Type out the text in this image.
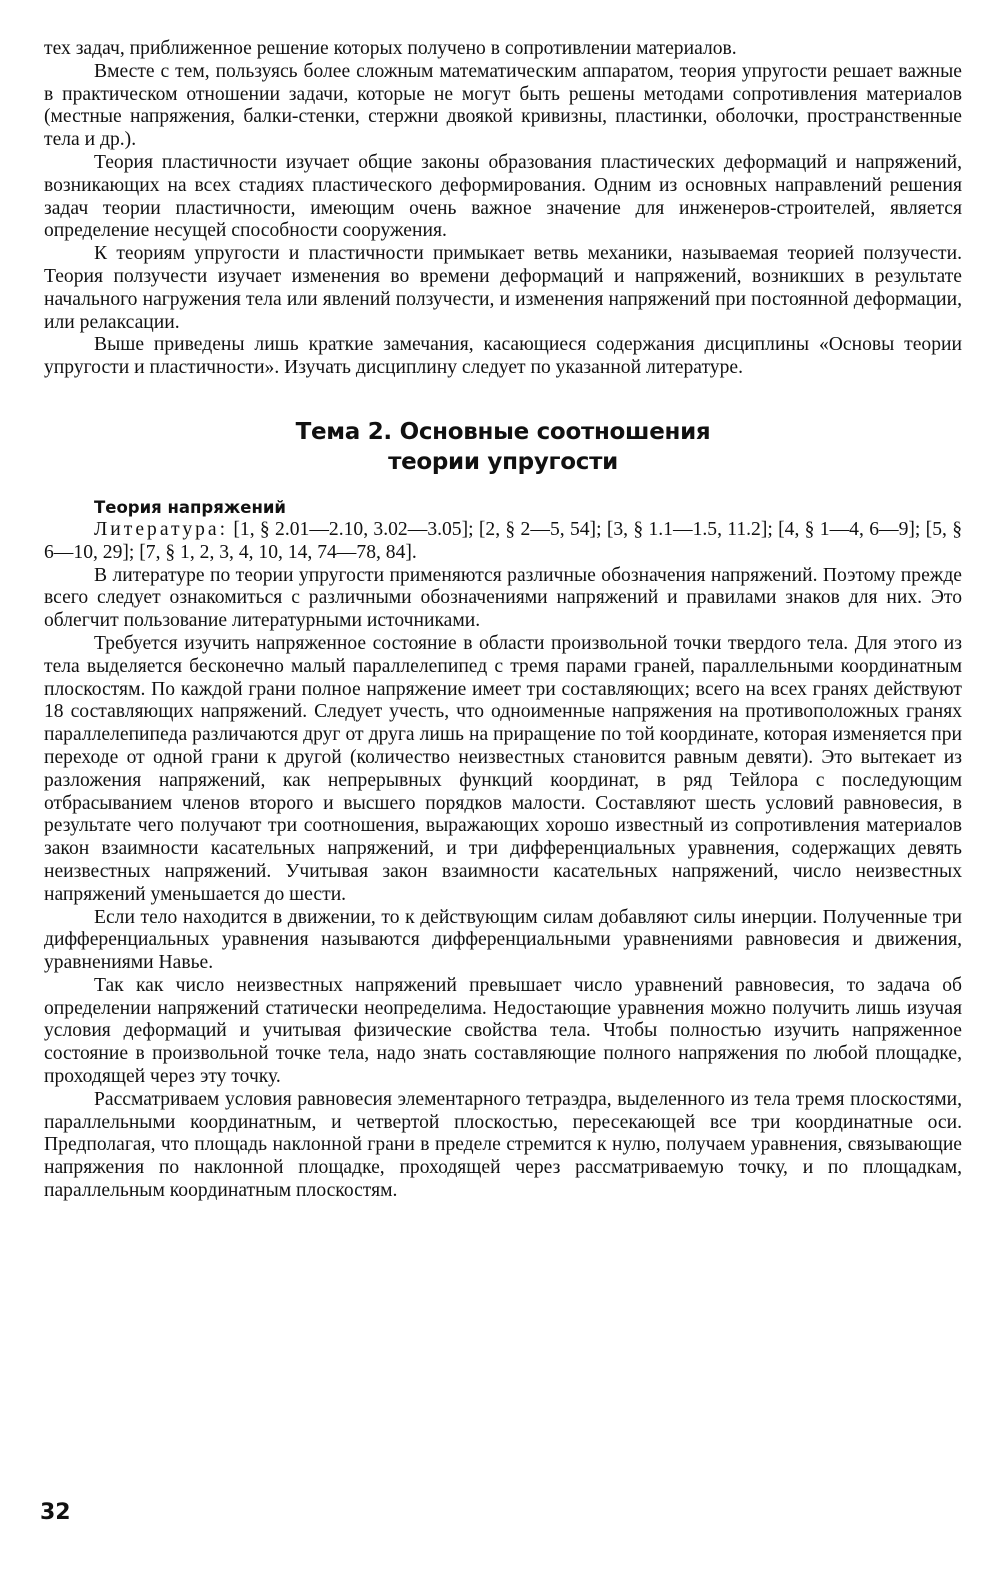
тех задач, приближенное решение которых получено в сопротивлении материалов.

Вместе с тем, пользуясь более сложным математическим аппаратом, теория упругости решает важные в практическом отношении задачи, которые не могут быть решены методами сопротивления материалов (местные напряжения, балки-стенки, стержни двоякой кривизны, пластинки, оболочки, пространственные тела и др.).

Теория пластичности изучает общие законы образования пластических деформаций и напряжений, возникающих на всех стадиях пластического деформирования. Одним из основных направлений решения задач теории пластичности, имеющим очень важное значение для инженеров-строителей, является определение несущей способности сооружения.

К теориям упругости и пластичности примыкает ветвь механики, называемая теорией ползучести. Теория ползучести изучает изменения во времени деформаций и напряжений, возникших в результате начального нагружения тела или явлений ползучести, и изменения напряжений при постоянной деформации, или релаксации.

Выше приведены лишь краткие замечания, касающиеся содержания дисциплины «Основы теории упругости и пластичности». Изучать дисциплину следует по указанной литературе.

Тема 2. Основные соотношения
теории упругости
Теория напряжений

Литература: [1, § 2.01—2.10, 3.02—3.05]; [2, § 2—5, 54]; [3, § 1.1—1.5, 11.2]; [4, § 1—4, 6—9]; [5, § 6—10, 29]; [7, § 1, 2, 3, 4, 10, 14, 74—78, 84].

В литературе по теории упругости применяются различные обозначения напряжений. Поэтому прежде всего следует ознакомиться с различными обозначениями напряжений и правилами знаков для них. Это облегчит пользование литературными источниками.

Требуется изучить напряженное состояние в области произвольной точки твердого тела. Для этого из тела выделяется бесконечно малый параллелепипед с тремя парами граней, параллельными координатным плоскостям. По каждой грани полное напряжение имеет три составляющих; всего на всех гранях действуют 18 составляющих напряжений. Следует учесть, что одноименные напряжения на противоположных гранях параллелепипеда различаются друг от друга лишь на приращение по той координате, которая изменяется при переходе от одной грани к другой (количество неизвестных становится равным девяти). Это вытекает из разложения напряжений, как непрерывных функций координат, в ряд Тейлора с последующим отбрасыванием членов второго и высшего порядков малости. Составляют шесть условий равновесия, в результате чего получают три соотношения, выражающих хорошо известный из сопротивления материалов закон взаимности касательных напряжений, и три дифференциальных уравнения, содержащих девять неизвестных напряжений. Учитывая закон взаимности касательных напряжений, число неизвестных напряжений уменьшается до шести.

Если тело находится в движении, то к действующим силам добавляют силы инерции. Полученные три дифференциальных уравнения называются дифференциальными уравнениями равновесия и движения, уравнениями Навье.

Так как число неизвестных напряжений превышает число уравнений равновесия, то задача об определении напряжений статически неопределима. Недостающие уравнения можно получить лишь изучая условия деформаций и учитывая физические свойства тела. Чтобы полностью изучить напряженное состояние в произвольной точке тела, надо знать составляющие полного напряжения по любой площадке, проходящей через эту точку.

Рассматриваем условия равновесия элементарного тетраэдра, выделенного из тела тремя плоскостями, параллельными координатным, и четвертой плоскостью, пересекающей все три координатные оси. Предполагая, что площадь наклонной грани в пределе стремится к нулю, получаем уравнения, связывающие напряжения по наклонной площадке, проходящей через рассматриваемую точку, и по площадкам, параллельным координатным плоскостям.

32
